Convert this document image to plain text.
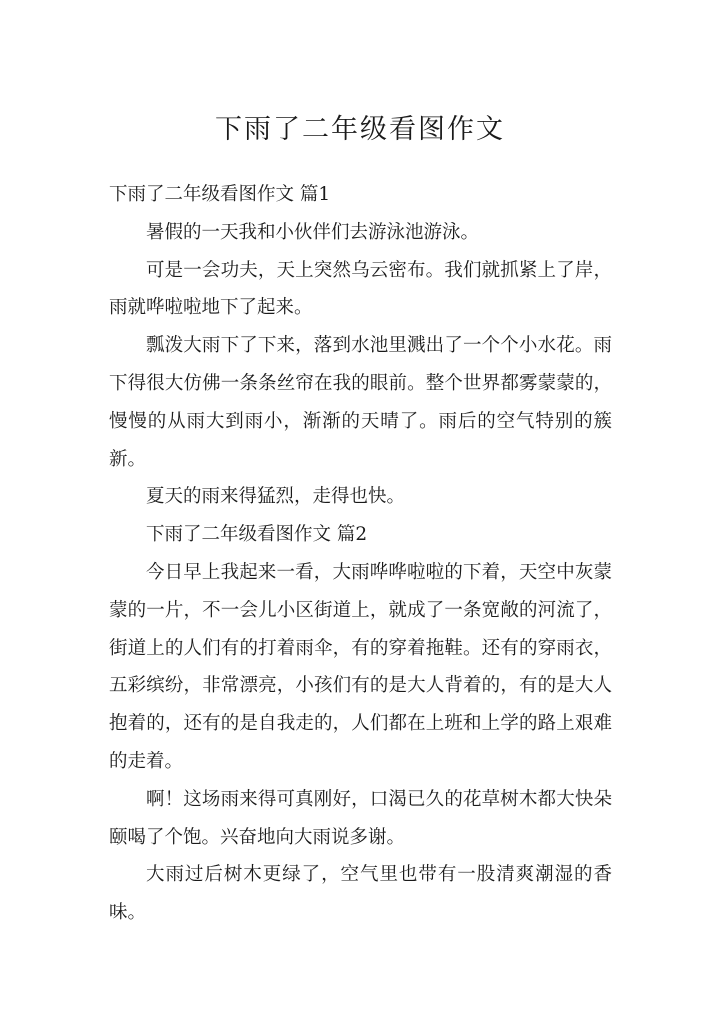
下雨了二年级看图作文

下雨了二年级看图作文 篇1

暑假的一天我和小伙伴们去游泳池游泳。

可是一会功夫，天上突然乌云密布。我们就抓紧上了岸，雨就哗啦啦地下了起来。

瓢泼大雨下了下来，落到水池里溅出了一个个小水花。雨下得很大仿佛一条条丝帘在我的眼前。整个世界都雾蒙蒙的，慢慢的从雨大到雨小，渐渐的天晴了。雨后的空气特别的簇新。

夏天的雨来得猛烈，走得也快。

下雨了二年级看图作文 篇2

今日早上我起来一看，大雨哗哗啦啦的下着，天空中灰蒙蒙的一片，不一会儿小区街道上，就成了一条宽敞的河流了，街道上的人们有的打着雨伞，有的穿着拖鞋。还有的穿雨衣，五彩缤纷，非常漂亮，小孩们有的是大人背着的，有的是大人抱着的，还有的是自我走的，人们都在上班和上学的路上艰难的走着。

啊！这场雨来得可真刚好，口渴已久的花草树木都大快朵颐喝了个饱。兴奋地向大雨说多谢。

大雨过后树木更绿了，空气里也带有一股清爽潮湿的香味。
